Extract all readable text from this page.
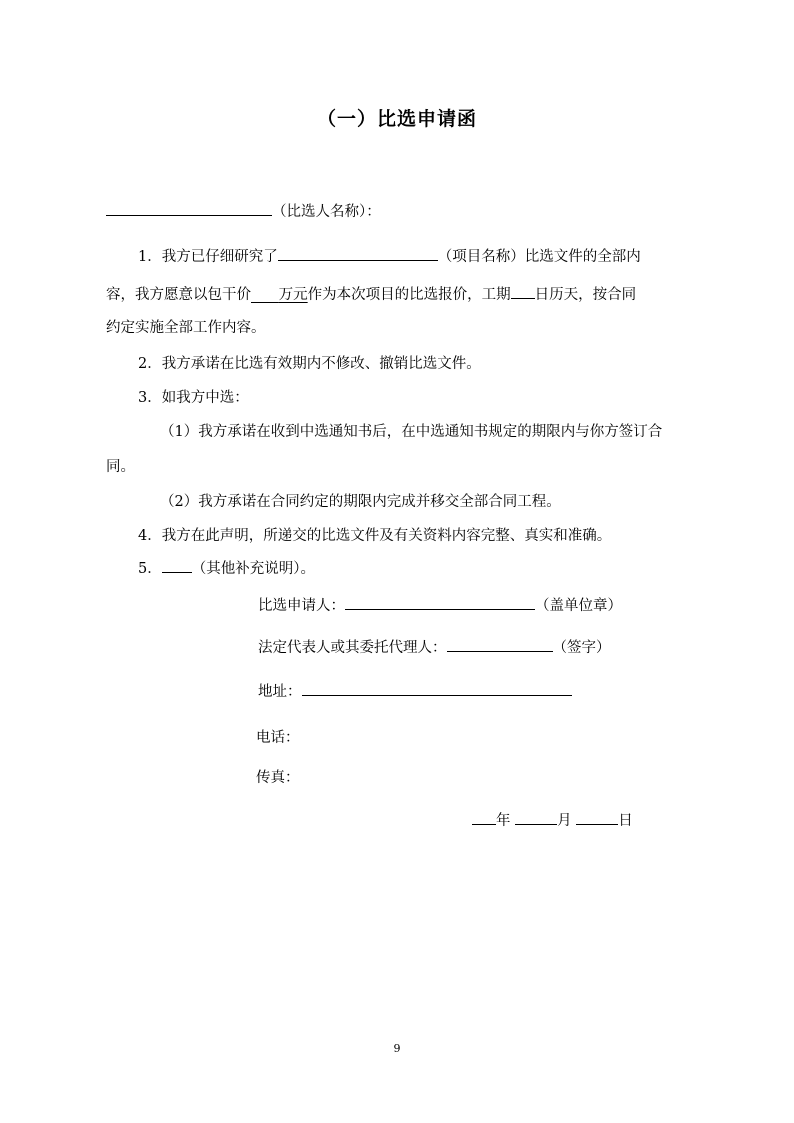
（一）比选申请函
（比选人名称）：
1．我方已仔细研究了	（项目名称）比选文件的全部内
容，我方愿意以包干价 万元作为本次项目的比选报价，工期 日历天，按合同
约定实施全部工作内容。
2．我方承诺在比选有效期内不修改、撤销比选文件。
3．如我方中选：
（1）我方承诺在收到中选通知书后，在中选通知书规定的期限内与你方签订合
同。
（2）我方承诺在合同约定的期限内完成并移交全部合同工程。
4．我方在此声明，所递交的比选文件及有关资料内容完整、真实和准确。
5． （其他补充说明）。
比选申请人：	（盖单位章）
法定代表人或其委托代理人：	（签字）
地址：
电话：
传真：
年	月	日
9
